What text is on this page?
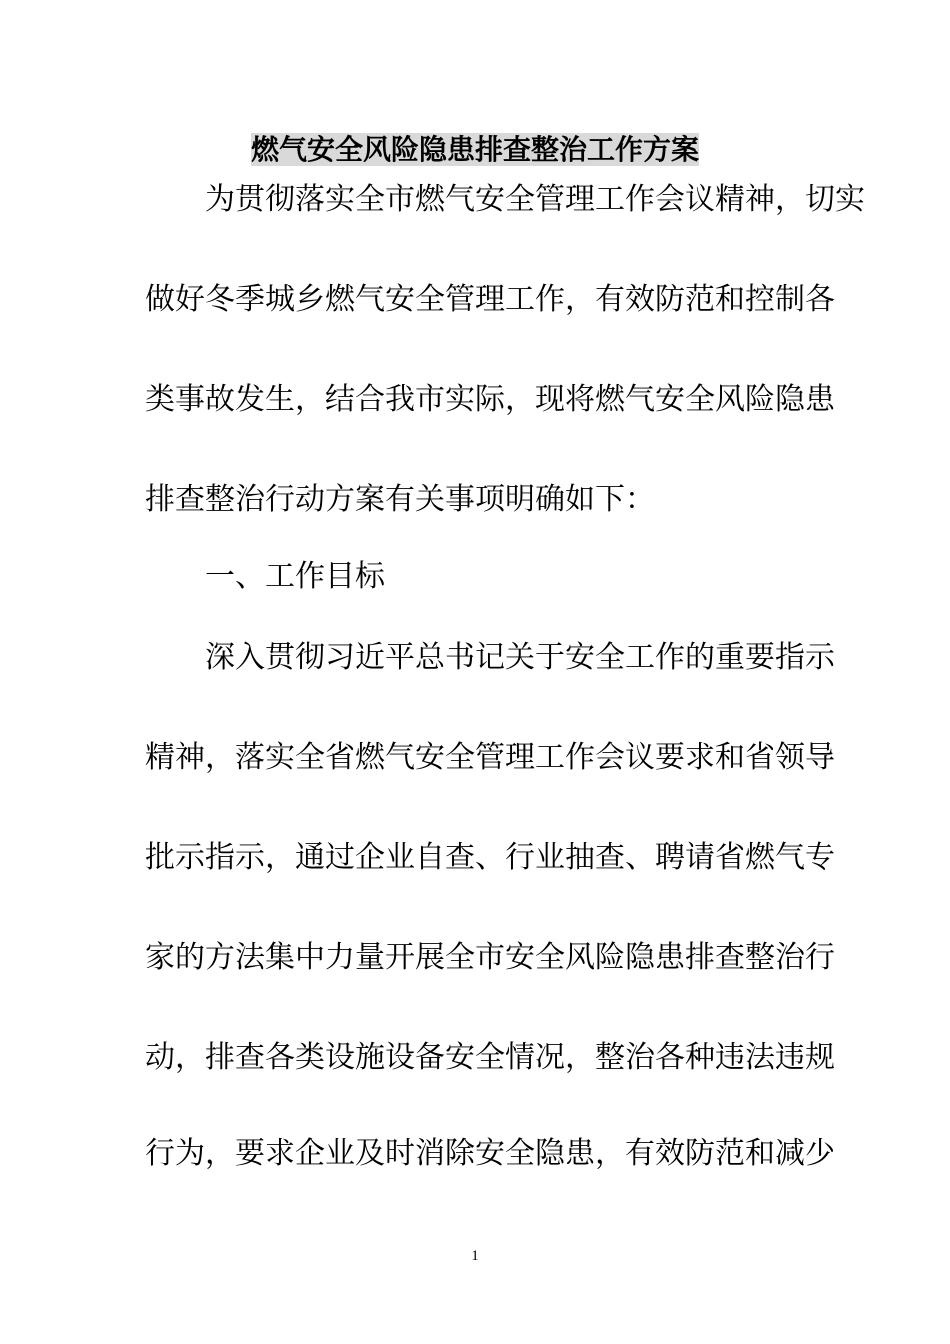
燃气安全风险隐患排查整治工作方案
为贯彻落实全市燃气安全管理工作会议精神，切实
做好冬季城乡燃气安全管理工作，有效防范和控制各
类事故发生，结合我市实际，现将燃气安全风险隐患
排查整治行动方案有关事项明确如下：
一、工作目标
深入贯彻习近平总书记关于安全工作的重要指示
精神，落实全省燃气安全管理工作会议要求和省领导
批示指示，通过企业自查、行业抽查、聘请省燃气专
家的方法集中力量开展全市安全风险隐患排查整治行
动，排查各类设施设备安全情况，整治各种违法违规
行为，要求企业及时消除安全隐患，有效防范和减少
1
